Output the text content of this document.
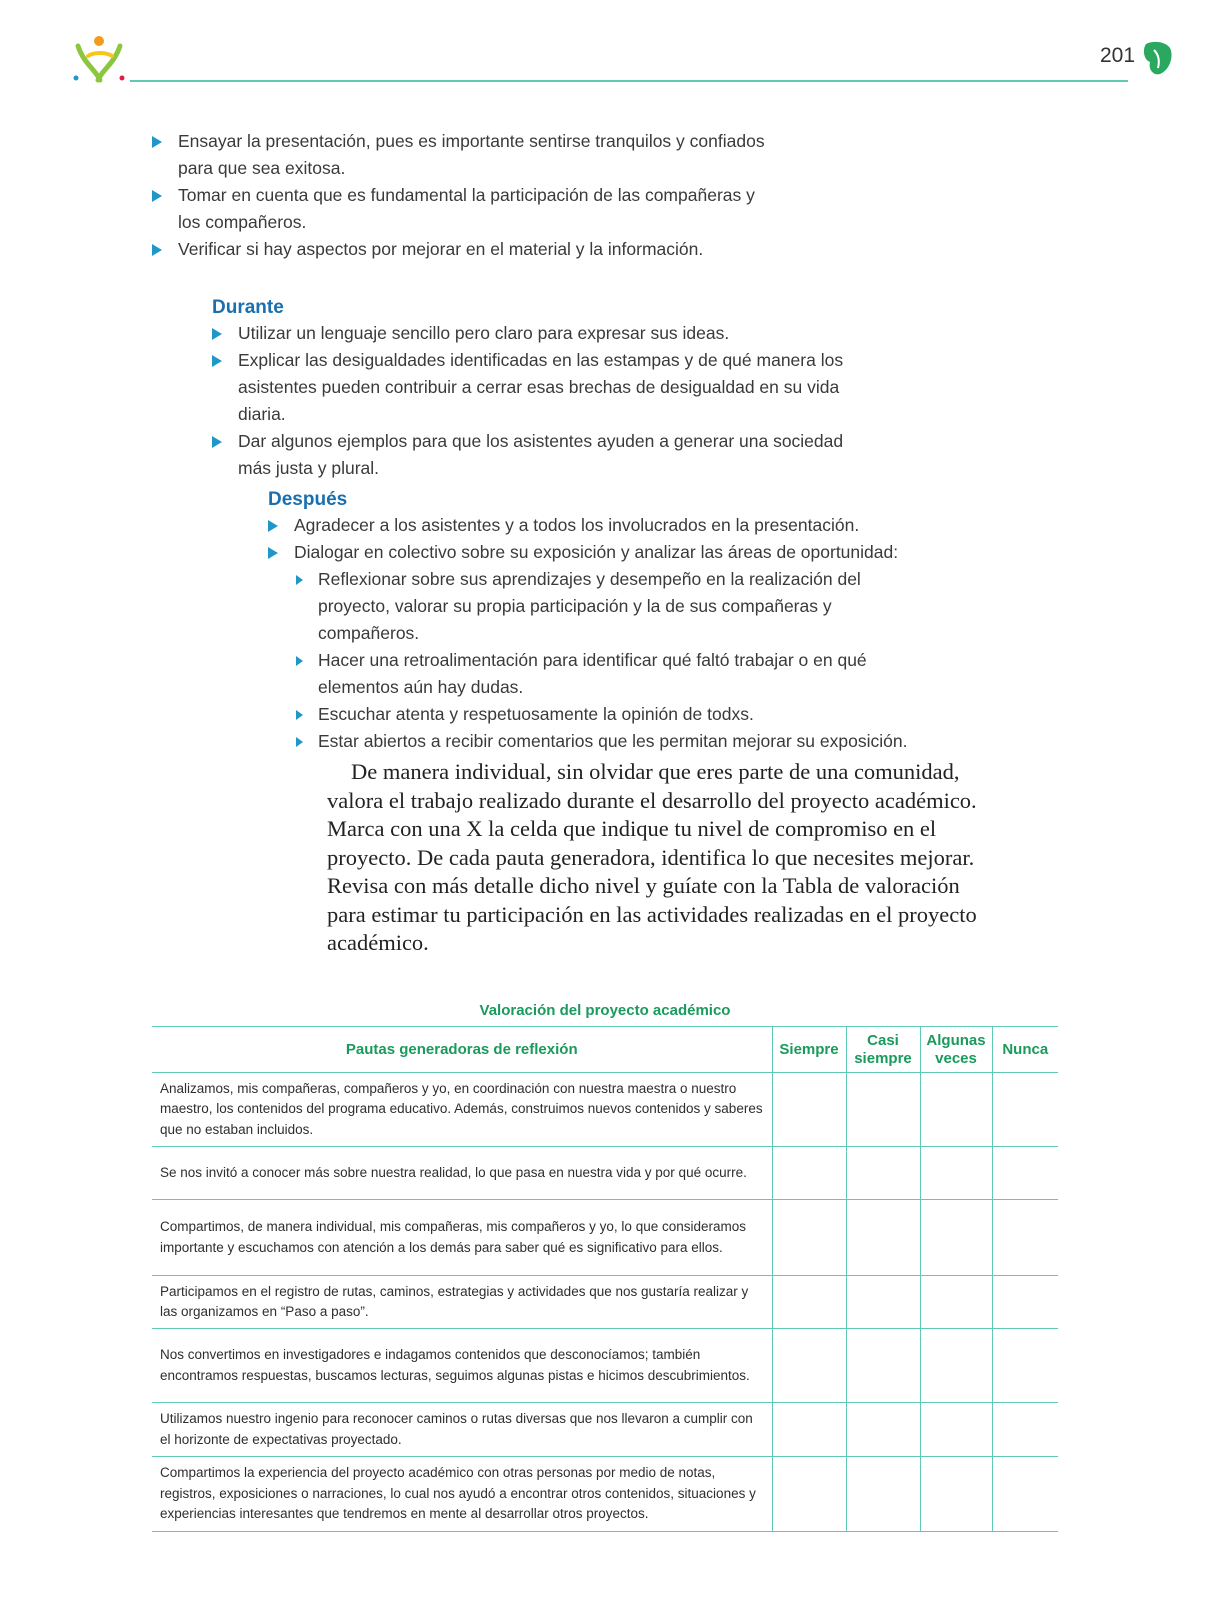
201
Ensayar la presentación, pues es importante sentirse tranquilos y confiados para que sea exitosa.
Tomar en cuenta que es fundamental la participación de las compañeras y los compañeros.
Verificar si hay aspectos por mejorar en el material y la información.
Durante
Utilizar un lenguaje sencillo pero claro para expresar sus ideas.
Explicar las desigualdades identificadas en las estampas y de qué manera los asistentes pueden contribuir a cerrar esas brechas de desigualdad en su vida diaria.
Dar algunos ejemplos para que los asistentes ayuden a generar una sociedad más justa y plural.
Después
Agradecer a los asistentes y a todos los involucrados en la presentación.
Dialogar en colectivo sobre su exposición y analizar las áreas de oportunidad:
Reflexionar sobre sus aprendizajes y desempeño en la realización del proyecto, valorar su propia participación y la de sus compañeras y compañeros.
Hacer una retroalimentación para identificar qué faltó trabajar o en qué elementos aún hay dudas.
Escuchar atenta y respetuosamente la opinión de todxs.
Estar abiertos a recibir comentarios que les permitan mejorar su exposición.

De manera individual, sin olvidar que eres parte de una comunidad, valora el trabajo realizado durante el desarrollo del proyecto académico. Marca con una X la celda que indique tu nivel de compromiso en el proyecto. De cada pauta generadora, identifica lo que necesites mejorar. Revisa con más detalle dicho nivel y guíate con la Tabla de valoración para estimar tu participación en las actividades realizadas en el proyecto académico.

Valoración del proyecto académico
Pautas generadoras de reflexión	Siempre	Casi siempre	Algunas veces	Nunca
Analizamos, mis compañeras, compañeros y yo, en coordinación con nuestra maestra o nuestro maestro, los contenidos del programa educativo. Además, construimos nuevos contenidos y saberes que no estaban incluidos.				
Se nos invitó a conocer más sobre nuestra realidad, lo que pasa en nuestra vida y por qué ocurre.				
Compartimos, de manera individual, mis compañeras, mis compañeros y yo, lo que consideramos importante y escuchamos con atención a los demás para saber qué es significativo para ellos.				
Participamos en el registro de rutas, caminos, estrategias y actividades que nos gustaría realizar y las organizamos en “Paso a paso”.				
Nos convertimos en investigadores e indagamos contenidos que desconocíamos; también encontramos respuestas, buscamos lecturas, seguimos algunas pistas e hicimos descubrimientos.				
Utilizamos nuestro ingenio para reconocer caminos o rutas diversas que nos llevaron a cumplir con el horizonte de expectativas proyectado.				
Compartimos la experiencia del proyecto académico con otras personas por medio de notas, registros, exposiciones o narraciones, lo cual nos ayudó a encontrar otros contenidos, situaciones y experiencias interesantes que tendremos en mente al desarrollar otros proyectos.				
